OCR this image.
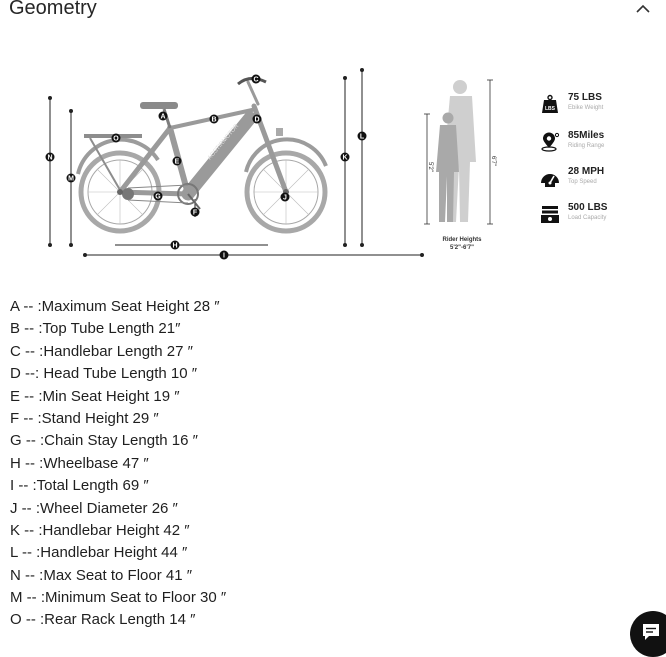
Geometry
AOSTIRMOTOR
A	B
C
D
E
F
G
H
I
J
K
L
M
N
O
5'2"
6'7"
Rider Heights
5'2"-6'7"
LBS
75 LBS
Ebike Weight
85Miles
Riding Range
28 MPH
Top Speed
500 LBS
Load Capacity
A -- :Maximum Seat Height 28 ″
B -- :Top Tube Length 21″
C -- :Handlebar Length 27 ″
D --: Head Tube Length 10 ″
E -- :Min Seat Height 19 ″
F -- :Stand Height 29 ″
G -- :Chain Stay Length 16 ″
H -- :Wheelbase 47 ″
I -- :Total Length 69 ″
J -- :Wheel Diameter 26 ″
K -- :Handlebar Height 42 ″
L -- :Handlebar Height 44 ″
N -- :Max Seat to Floor 41 ″
M -- :Minimum Seat to Floor 30 ″
O -- :Rear Rack Length 14 ″
